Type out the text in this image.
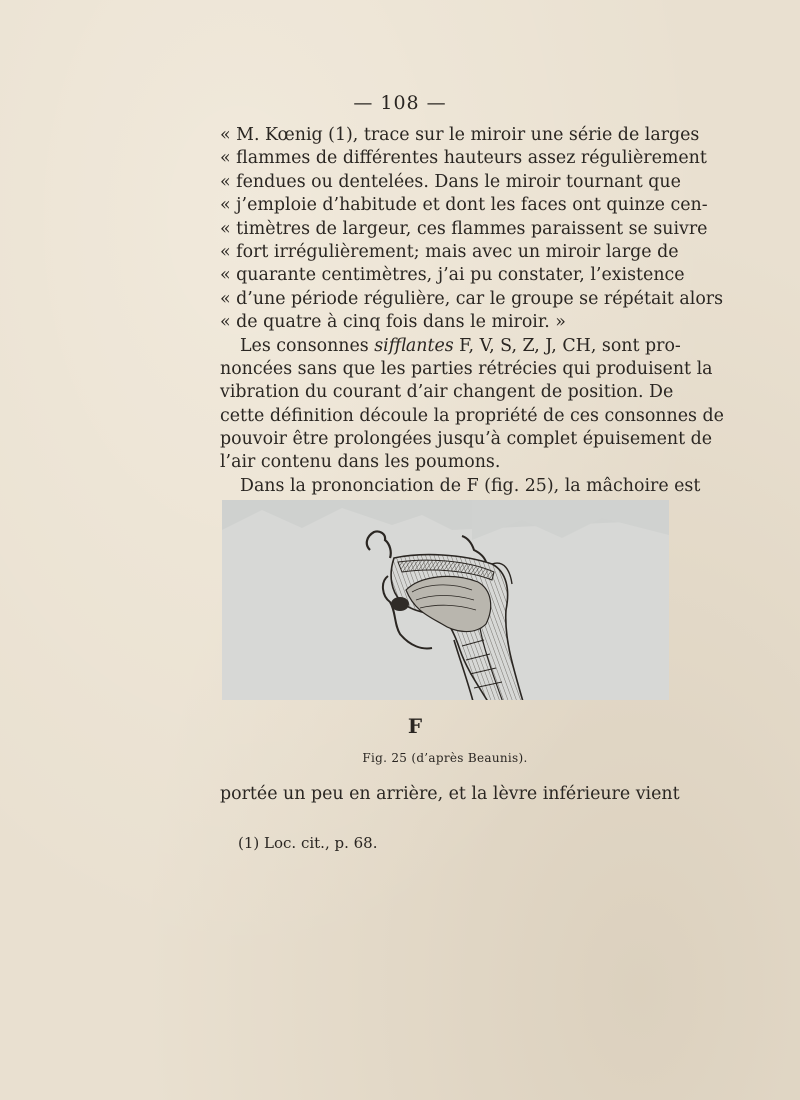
— 108 —
« M. Kœnig (1), trace sur le miroir une série de larges
« flammes de différentes hauteurs assez régulièrement
« fendues ou dentelées. Dans le miroir tournant que
« j’emploie d’habitude et dont les faces ont quinze cen-
« timètres de largeur, ces flammes paraissent se suivre
« fort irrégulièrement; mais avec un miroir large de
« quarante centimètres, j’ai pu constater, l’existence
« d’une période régulière, car le groupe se répétait alors
« de quatre à cinq fois dans le miroir. »
Les consonnes sifflantes F, V, S, Z, J, CH, sont pro-
noncées sans que les parties rétrécies qui produisent la
vibration du courant d’air changent de position. De
cette définition découle la propriété de ces consonnes de
pouvoir être prolongées jusqu’à complet épuisement de
l’air contenu dans les poumons.
Dans la prononciation de F (fig. 25), la mâchoire est
F
Fig. 25 (d’après Beaunis).
portée un peu en arrière, et la lèvre inférieure vient
(1) Loc. cit., p. 68.
